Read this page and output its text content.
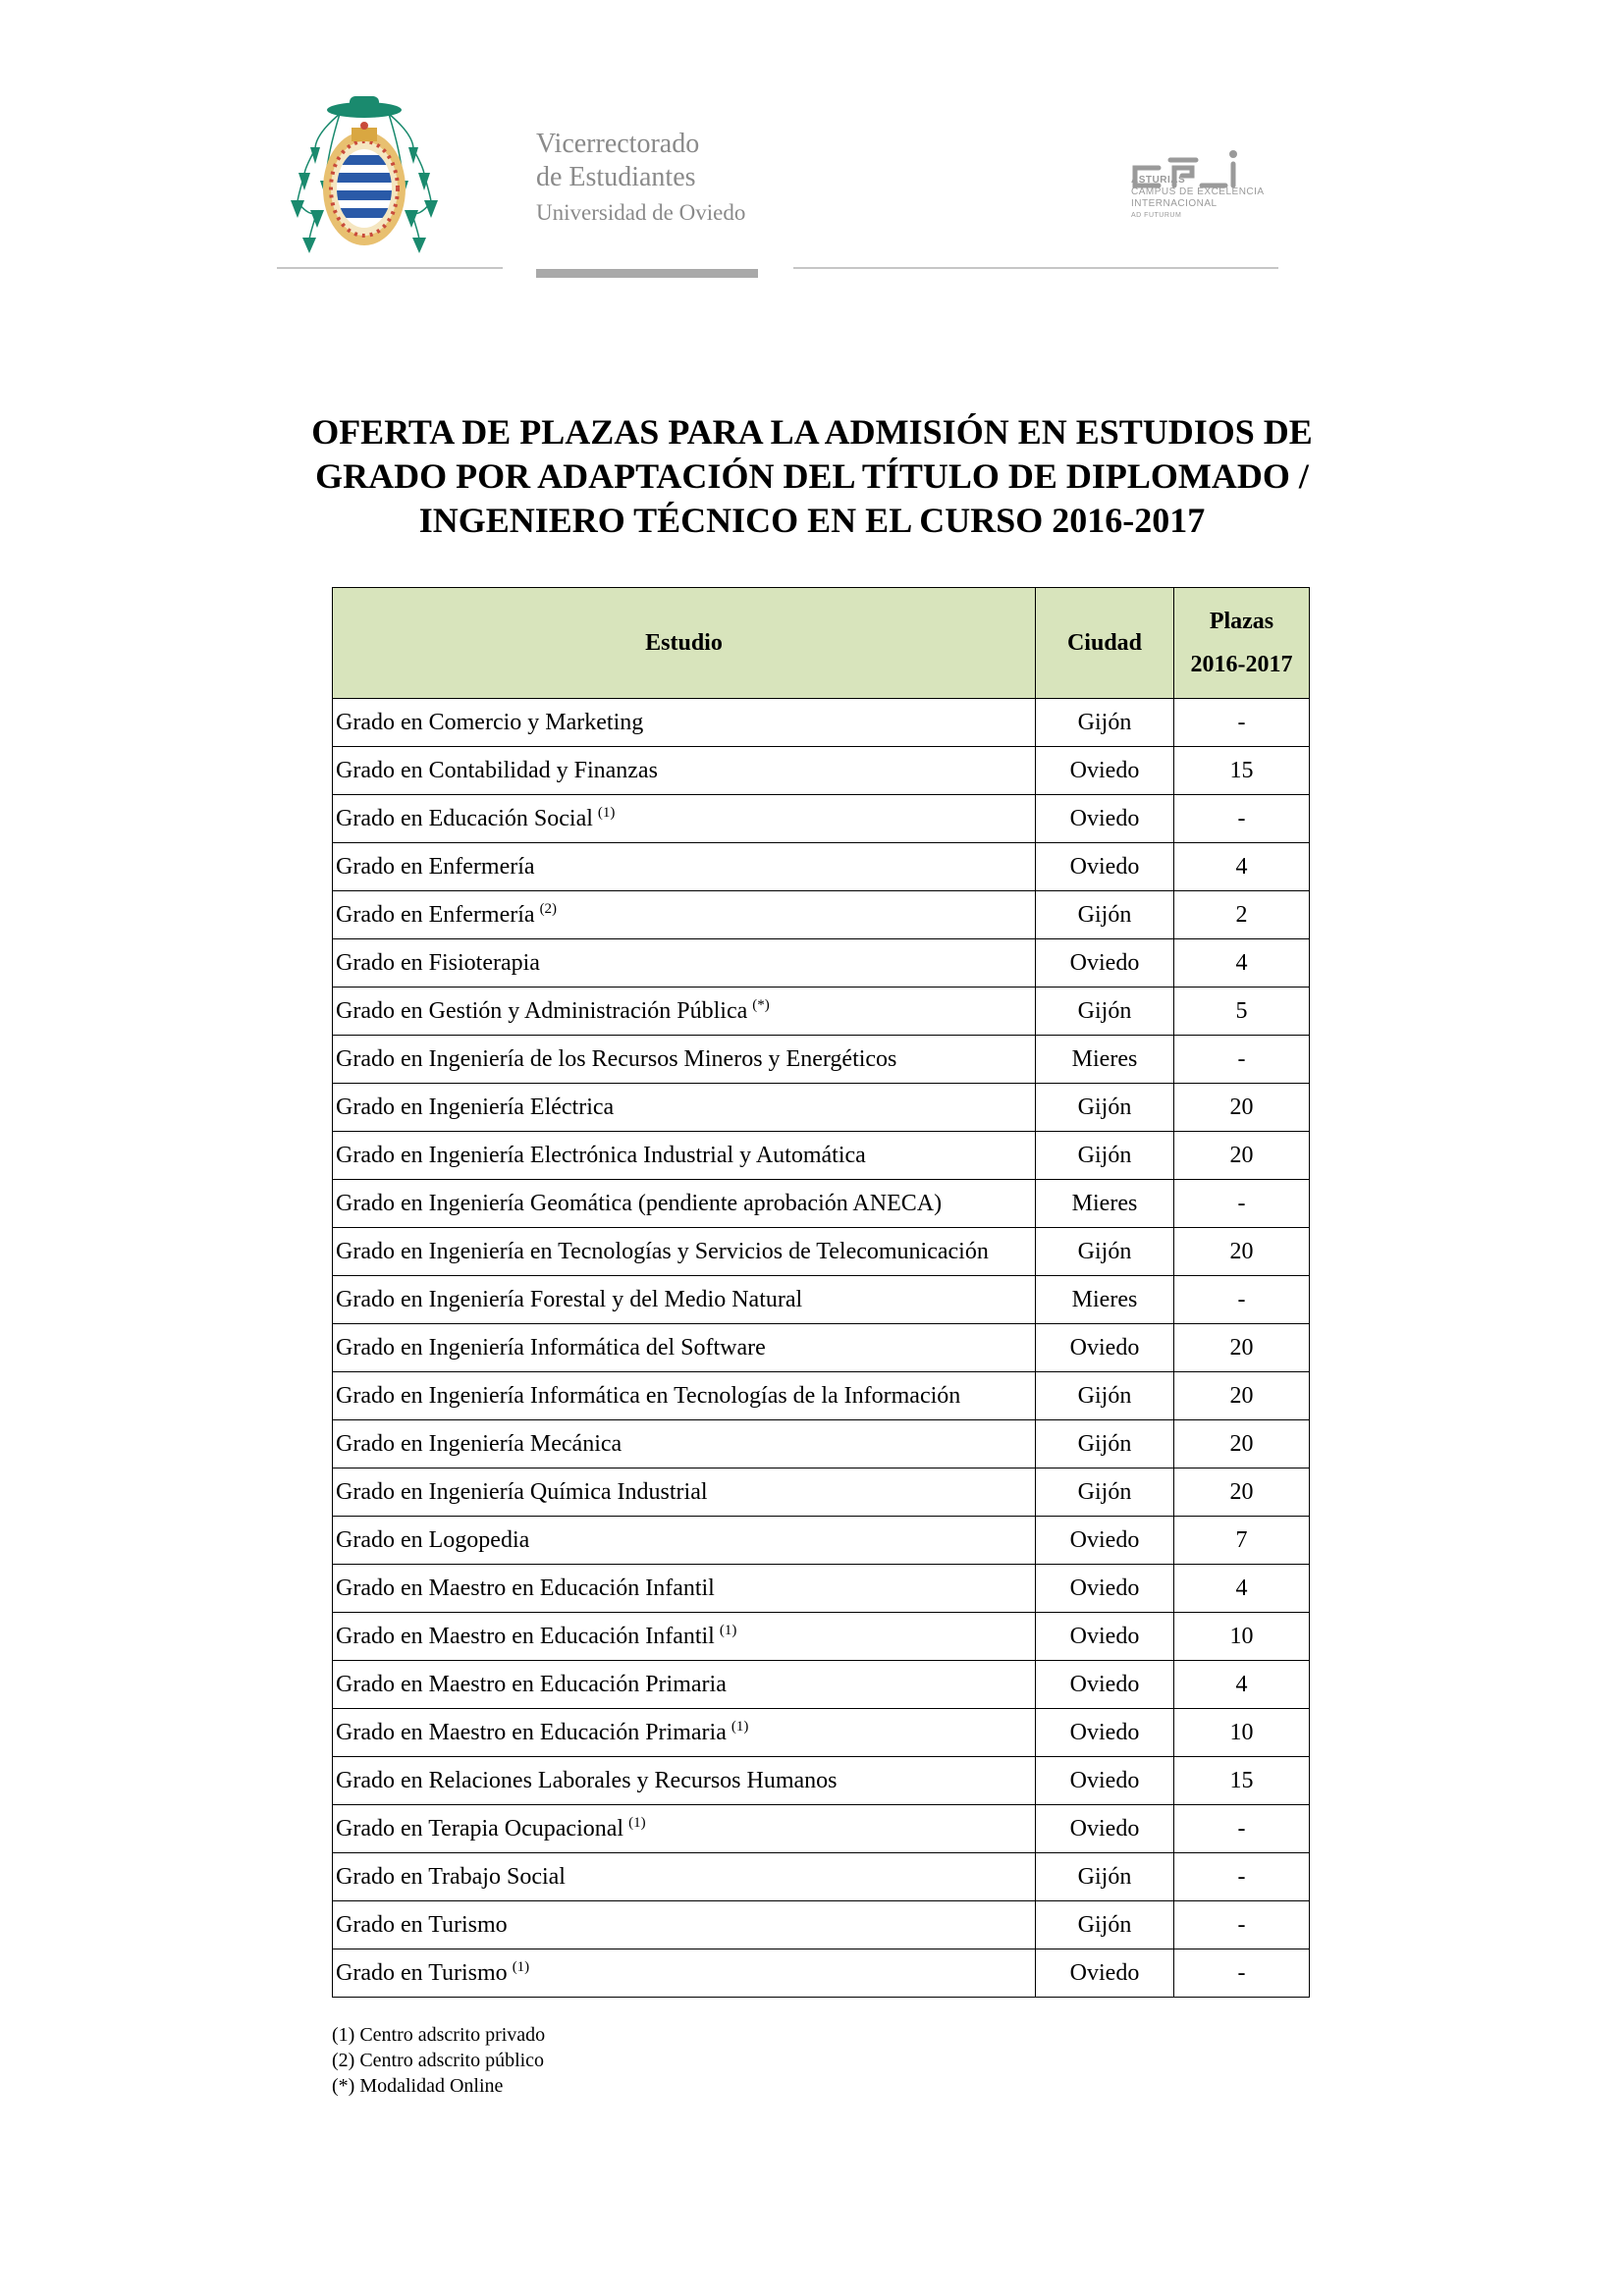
Vicerrectorado
de Estudiantes
Universidad de Oviedo
ASTURIAS
CAMPUS DE EXCELENCIA
INTERNACIONAL
AD FUTURUM
OFERTA DE PLAZAS PARA LA ADMISIÓN EN ESTUDIOS DE
GRADO POR ADAPTACIÓN DEL TÍTULO DE DIPLOMADO /
INGENIERO TÉCNICO EN EL CURSO 2016-2017
Estudio	Ciudad	Plazas
2016-2017

Grado en Comercio y Marketing	Gijón	-
Grado en Contabilidad y Finanzas	Oviedo	15
Grado en Educación Social $^{(1)}$	Oviedo	-
Grado en Enfermería	Oviedo	4
Grado en Enfermería $^{(2)}$	Gijón	2
Grado en Fisioterapia	Oviedo	4
Grado en Gestión y Administración Pública (*)	Gijón	5
Grado en Ingeniería de los Recursos Mineros y Energéticos	Mieres	-
Grado en Ingeniería Eléctrica	Gijón	20
Grado en Ingeniería Electrónica Industrial y Automática	Gijón	20
Grado en Ingeniería Geomática (pendiente aprobación ANECA)	Mieres	-
Grado en Ingeniería en Tecnologías y Servicios de Telecomunicación	Gijón	20
Grado en Ingeniería Forestal y del Medio Natural	Mieres	-
Grado en Ingeniería Informática del Software	Oviedo	20
Grado en Ingeniería Informática en Tecnologías de la Información	Gijón	20
Grado en Ingeniería Mecánica	Gijón	20
Grado en Ingeniería Química Industrial	Gijón	20
Grado en Logopedia	Oviedo	7
Grado en Maestro en Educación Infantil	Oviedo	4
Grado en Maestro en Educación Infantil $^{(1)}$	Oviedo	10
Grado en Maestro en Educación Primaria	Oviedo	4
Grado en Maestro en Educación Primaria $^{(1)}$	Oviedo	10
Grado en Relaciones Laborales y Recursos Humanos	Oviedo	15
Grado en Terapia Ocupacional $^{(1)}$	Oviedo	-
Grado en Trabajo Social	Gijón	-
Grado en Turismo	Gijón	-
Grado en Turismo $^{(1)}$	Oviedo	-
(1) Centro adscrito privado
(2) Centro adscrito público
(*) Modalidad Online
